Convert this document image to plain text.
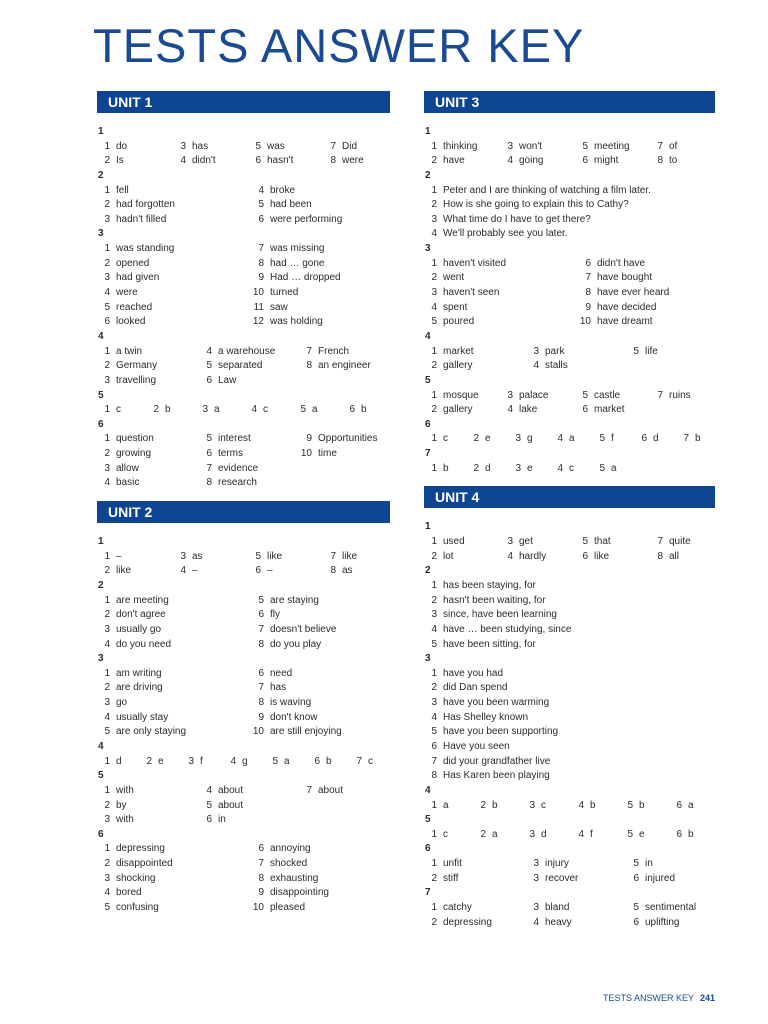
TESTS ANSWER KEY
UNIT 1
1
1 do	3 has	5 was	7 Did
2 Is	4 didn't	6 hasn't	8 were
2
1 fell	4 broke
2 had forgotten	5 had been
3 hadn't filled	6 were performing
3
1 was standing	7 was missing
2 opened	8 had … gone
3 had given	9 Had … dropped
4 were	10 turned
5 reached	11 saw
6 looked	12 was holding
4
1 a twin	4 a warehouse	7 French
2 Germany	5 separated	8 an engineer
3 travelling	6 Law
5
1 c	2 b	3 a	4 c	5 a	6 b
6
1 question	5 interest	9 Opportunities
2 growing	6 terms	10 time
3 allow	7 evidence
4 basic	8 research
UNIT 2
1
1 –	3 as	5 like	7 like
2 like	4 –	6 –	8 as
2
1 are meeting	5 are staying
2 don't agree	6 fly
3 usually go	7 doesn't believe
4 do you need	8 do you play
3
1 am writing	6 need
2 are driving	7 has
3 go	8 is waving
4 usually stay	9 don't know
5 are only staying	10 are still enjoying
4
1 d	2 e	3 f	4 g	5 a	6 b	7 c
5
1 with	4 about	7 about
2 by	5 about
3 with	6 in
6
1 depressing	6 annoying
2 disappointed	7 shocked
3 shocking	8 exhausting
4 bored	9 disappointing
5 confusing	10 pleased
UNIT 3
1
1 thinking	3 won't	5 meeting	7 of
2 have	4 going	6 might	8 to
2
1 Peter and I are thinking of watching a film later.
2 How is she going to explain this to Cathy?
3 What time do I have to get there?
4 We'll probably see you later.
3
1 haven't visited	6 didn't have
2 went	7 have bought
3 haven't seen	8 have ever heard
4 spent	9 have decided
5 poured	10 have dreamt
4
1 market	3 park	5 life
2 gallery	4 stalls
5
1 mosque	3 palace	5 castle	7 ruins
2 gallery	4 lake	6 market
6
1 c	2 e	3 g	4 a	5 f	6 d	7 b
7
1 b	2 d	3 e	4 c	5 a
UNIT 4
1
1 used	3 get	5 that	7 quite
2 lot	4 hardly	6 like	8 all
2
1 has been staying, for
2 hasn't been waiting, for
3 since, have been learning
4 have … been studying, since
5 have been sitting, for
3
1 have you had
2 did Dan spend
3 have you been warming
4 Has Shelley known
5 have you been supporting
6 Have you seen
7 did your grandfather live
8 Has Karen been playing
4
1 a	2 b	3 c	4 b	5 b	6 a
5
1 c	2 a	3 d	4 f	5 e	6 b
6
1 unfit	3 injury	5 in
2 stiff	3 recover	6 injured
7
1 catchy	3 bland	5 sentimental
2 depressing	4 heavy	6 uplifting
TESTS ANSWER KEY 241
